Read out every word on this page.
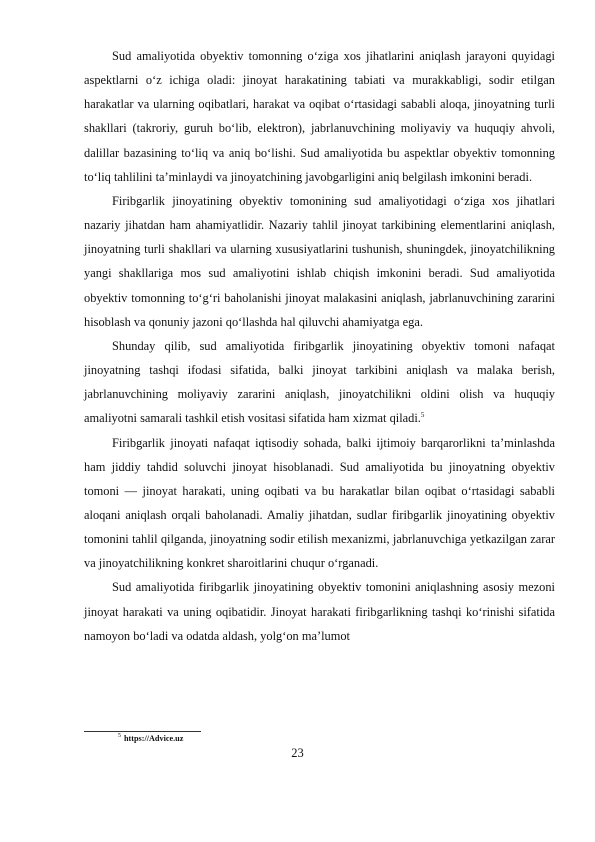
Sud amaliyotida obyektiv tomonning o‘ziga xos jihatlarini aniqlash jarayoni quyidagi aspektlarni o‘z ichiga oladi: jinoyat harakatining tabiati va murakkabligi, sodir etilgan harakatlar va ularning oqibatlari, harakat va oqibat o‘rtasidagi sababli aloqa, jinoyatning turli shakllari (takroriy, guruh bo‘lib, elektron), jabrlanuvchining moliyaviy va huquqiy ahvoli, dalillar bazasining to‘liq va aniq bo‘lishi. Sud amaliyotida bu aspektlar obyektiv tomonning to‘liq tahlilini ta’minlaydi va jinoyatchining javobgarligini aniq belgilash imkonini beradi.

Firibgarlik jinoyatining obyektiv tomonining sud amaliyotidagi o‘ziga xos jihatlari nazariy jihatdan ham ahamiyatlidir. Nazariy tahlil jinoyat tarkibining elementlarini aniqlash, jinoyatning turli shakllari va ularning xususiyatlarini tushunish, shuningdek, jinoyatchilikning yangi shakllariga mos sud amaliyotini ishlab chiqish imkonini beradi. Sud amaliyotida obyektiv tomonning to‘g‘ri baholanishi jinoyat malakasini aniqlash, jabrlanuvchining zararini hisoblash va qonuniy jazoni qo‘llashda hal qiluvchi ahamiyatga ega.

Shunday qilib, sud amaliyotida firibgarlik jinoyatining obyektiv tomoni nafaqat jinoyatning tashqi ifodasi sifatida, balki jinoyat tarkibini aniqlash va malaka berish, jabrlanuvchining moliyaviy zararini aniqlash, jinoyatchilikni oldini olish va huquqiy amaliyotni samarali tashkil etish vositasi sifatida ham xizmat qiladi.$^5$

Firibgarlik jinoyati nafaqat iqtisodiy sohada, balki ijtimoiy barqarorlikni ta’minlashda ham jiddiy tahdid soluvchi jinoyat hisoblanadi. Sud amaliyotida bu jinoyatning obyektiv tomoni — jinoyat harakati, uning oqibati va bu harakatlar bilan oqibat o‘rtasidagi sababli aloqani aniqlash orqali baholanadi. Amaliy jihatdan, sudlar firibgarlik jinoyatining obyektiv tomonini tahlil qilganda, jinoyatning sodir etilish mexanizmi, jabrlanuvchiga yetkazilgan zarar va jinoyatchilikning konkret sharoitlarini chuqur o‘rganadi.

Sud amaliyotida firibgarlik jinoyatining obyektiv tomonini aniqlashning asosiy mezoni jinoyat harakati va uning oqibatidir. Jinoyat harakati firibgarlikning tashqi ko‘rinishi sifatida namoyon bo‘ladi va odatda aldash, yolg‘on ma’lumot

$^5$ https://Advice.uz
23
